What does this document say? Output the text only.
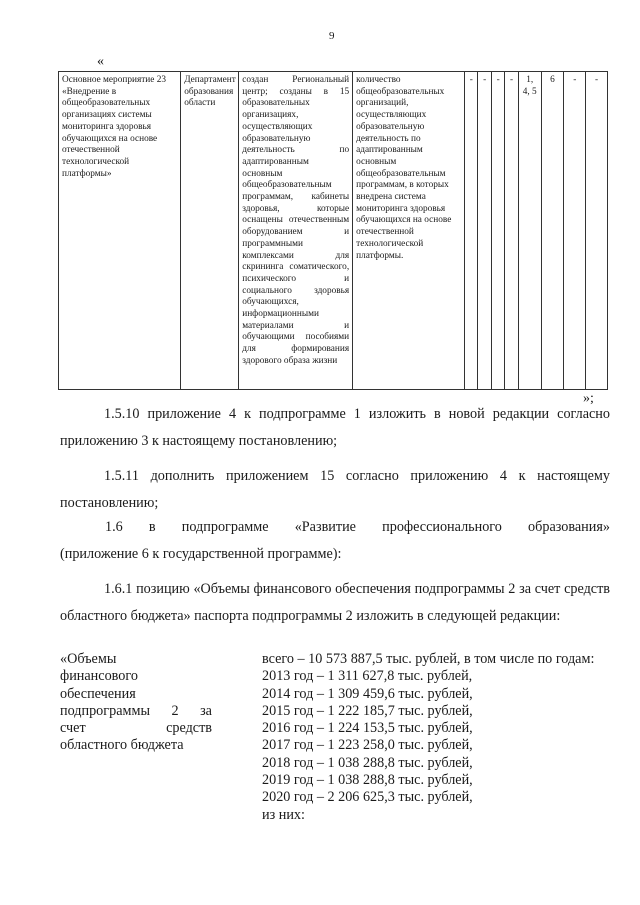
9
«
Основное мероприятие 23 «Внедрение в общеобразовательных организациях системы мониторинга здоровья обучающихся на основе отечественной технологической платформы»	Департамент образования области	создан Региональный центр; созданы в 15 образовательных организациях, осуществляющих образовательную деятельность по адаптированным основным общеобразовательным программам, кабинеты здоровья, которые оснащены отечественным оборудованием и программными комплексами для скрининга соматического, психического и социального здоровья обучающихся, информационными материалами и обучающими пособиями для формирования здорового образа жизни	количество общеобразовательных организаций, осуществляющих образовательную деятельность по адаптированным основным общеобразовательным программам, в которых внедрена система мониторинга здоровья обучающихся на основе отечественной технологической платформы.	-	-	-	-	1, 4, 5	6	-	-
»;
1.5.10 приложение 4 к подпрограмме 1 изложить в новой редакции согласно приложению 3 к настоящему постановлению;
1.5.11 дополнить приложением 15 согласно приложению 4 к настоящему постановлению;
1.6 в подпрограмме «Развитие профессионального образования»
(приложение 6 к государственной программе):
1.6.1 позицию «Объемы финансового обеспечения подпрограммы 2 за счет средств областного бюджета» паспорта подпрограммы 2 изложить в следующей редакции:
«Объемы
финансового
обеспечения
подпрограммы 2 за
счет	средств
областного бюджета
всего – 10 573 887,5 тыс. рублей, в том числе по годам:
2013 год – 1 311 627,8 тыс. рублей,
2014 год – 1 309 459,6 тыс. рублей,
2015 год – 1 222 185,7 тыс. рублей,
2016 год – 1 224 153,5 тыс. рублей,
2017 год – 1 223 258,0 тыс. рублей,
2018 год – 1 038 288,8 тыс. рублей,
2019 год – 1 038 288,8 тыс. рублей,
2020 год – 2 206 625,3 тыс. рублей,
из них:
